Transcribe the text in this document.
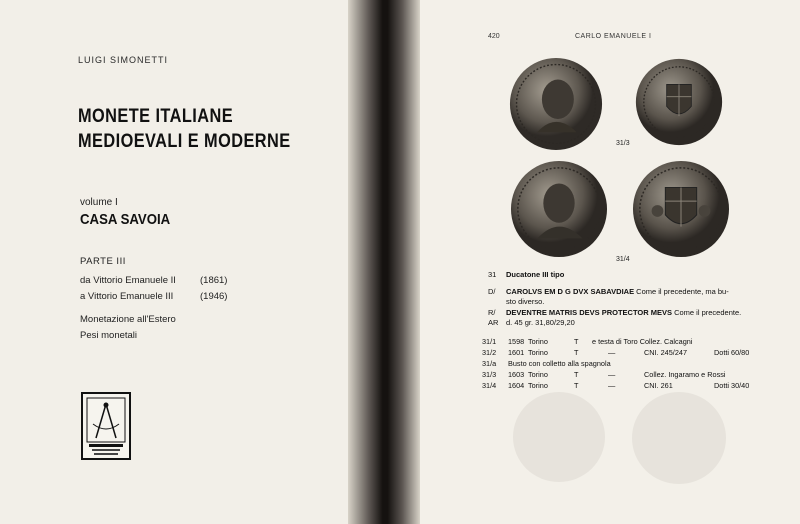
LUIGI SIMONETTI
MONETE ITALIANE
MEDIOEVALI E MODERNE
volume I
CASA SAVOIA
PARTE III
da Vittorio Emanuele II	(1861)
a Vittorio Emanuele III	(1946)
Monetazione all'Estero
Pesi monetali
420	CARLO EMANUELE I
31/3
31/4
31 Ducatone III tipo
D/ CAROLVS EM D G DVX SABAVDIAE Come il precedente, ma bu-
sto diverso.
R/ DEVENTRE MATRIS DEVS PROTECTOR MEVS Come il precedente.
AR d. 45 gr. 31,80/29,20
31/1 1598 Torino	T e testa di Toro Collez. Calcagni
31/2 1601 Torino	T	—	CNI. 245/247	Dotti 60/80
31/a Busto con colletto alla spagnola
31/3 1603 Torino	T	—	Collez. Ingaramo e Rossi
31/4 1604 Torino	T	—	CNI. 261	Dotti 30/40
